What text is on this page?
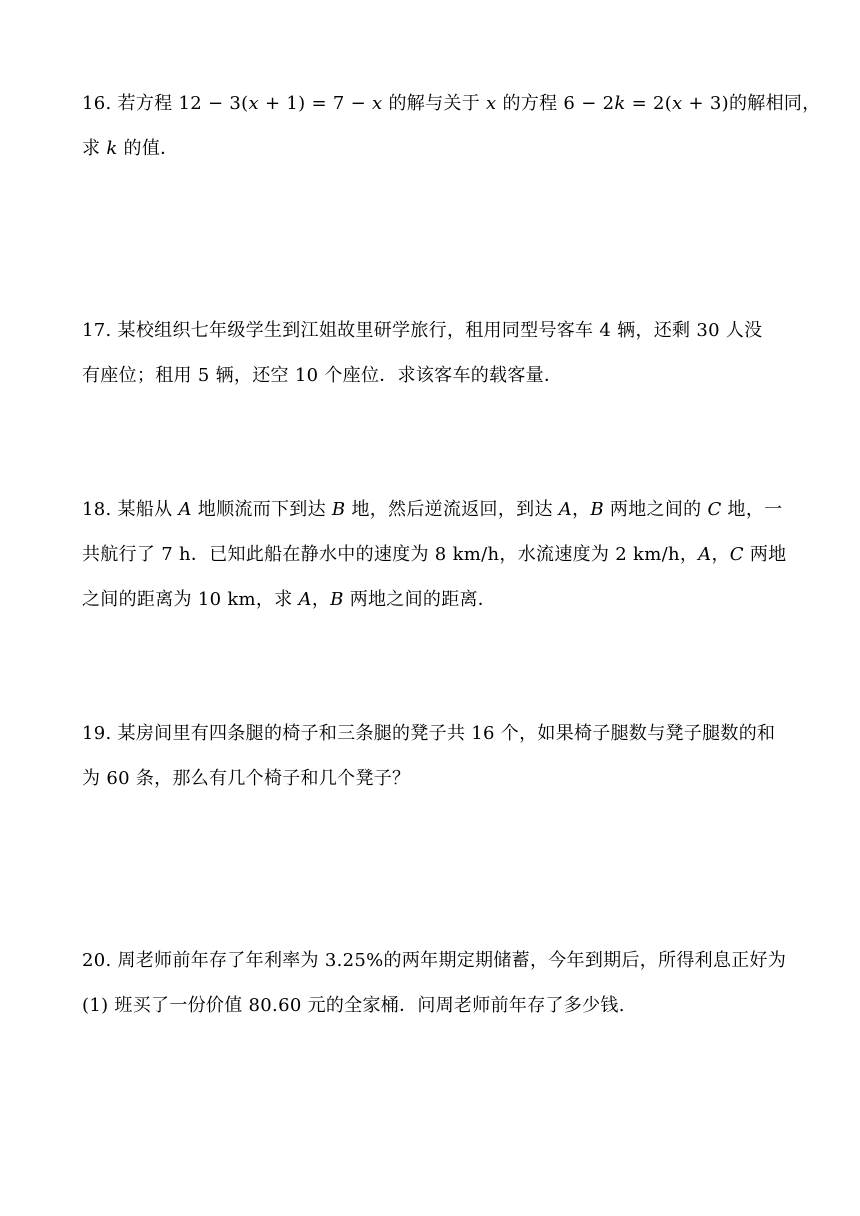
16. 若方程 12 − 3(𝑥 + 1) = 7 − 𝑥 的解与关于 𝑥 的方程 6 − 2𝑘 = 2(𝑥 + 3)的解相同，
求 𝑘 的值．
17. 某校组织七年级学生到江姐故里研学旅行，租用同型号客车 4 辆，还剩 30 人没
有座位；租用 5 辆，还空 10 个座位．求该客车的载客量．
18. 某船从 𝐴 地顺流而下到达 𝐵 地，然后逆流返回，到达 𝐴，𝐵 两地之间的 𝐶 地，一
共航行了 7 h．已知此船在静水中的速度为 8 km/h，水流速度为 2 km/h，𝐴，𝐶 两地
之间的距离为 10 km，求 𝐴，𝐵 两地之间的距离．
19. 某房间里有四条腿的椅子和三条腿的凳子共 16 个，如果椅子腿数与凳子腿数的和
为 60 条，那么有几个椅子和几个凳子？
20. 周老师前年存了年利率为 3.25%的两年期定期储蓄，今年到期后，所得利息正好为
(1) 班买了一份价值 80.60 元的全家桶．问周老师前年存了多少钱.
